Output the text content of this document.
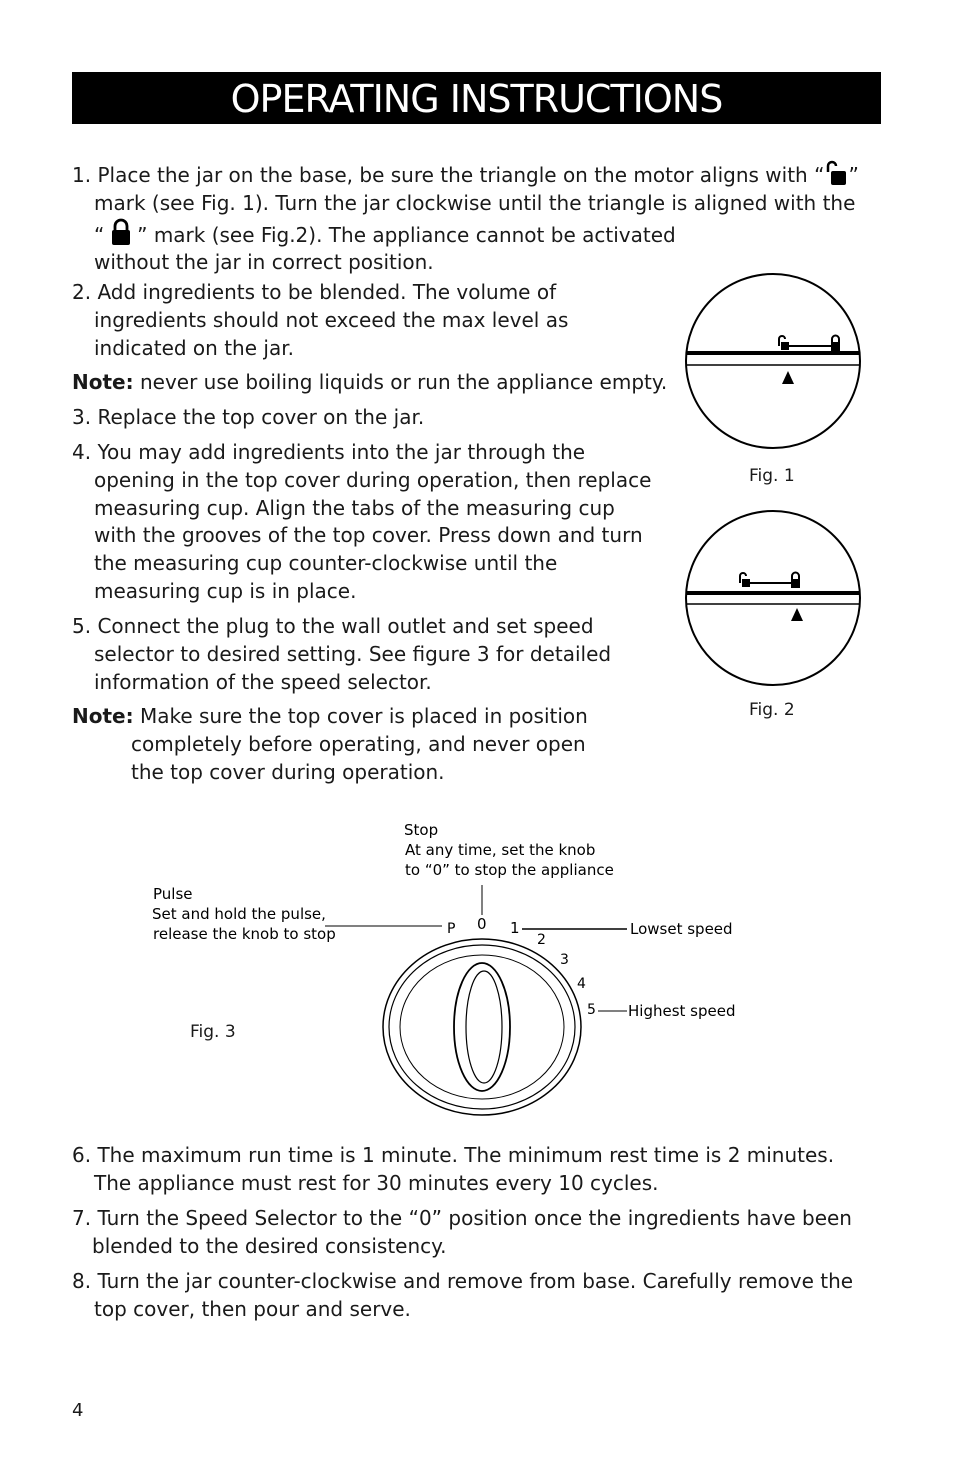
OPERATING INSTRUCTIONS
1. Place the jar on the base, be sure the triangle on the motor aligns with “ ”
mark (see Fig. 1). Turn the jar clockwise until the triangle is aligned with the
“ ” mark (see Fig.2). The appliance cannot be activated
without the jar in correct position.
2. Add ingredients to be blended. The volume of
ingredients should not exceed the max level as
indicated on the jar.
Note: never use boiling liquids or run the appliance empty.
3. Replace the top cover on the jar.
4. You may add ingredients into the jar through the
opening in the top cover during operation, then replace
measuring cup. Align the tabs of the measuring cup
with the grooves of the top cover. Press down and turn
the measuring cup counter-clockwise until the
measuring cup is in place.
5. Connect the plug to the wall outlet and set speed
selector to desired setting. See figure 3 for detailed
information of the speed selector.
Note: Make sure the top cover is placed in position
completely before operating, and never open
the top cover during operation.
Fig. 1
Fig. 2
Stop
At any time, set the knob
to “0” to stop the appliance
Pulse
Set and hold the pulse,
release the knob to stop	P 0 1
2
3
4
5
Lowset speed
Highest speed
Fig. 3
6. The maximum run time is 1 minute. The minimum rest time is 2 minutes.
The appliance must rest for 30 minutes every 10 cycles.
7. Turn the Speed Selector to the “0” position once the ingredients have been
blended to the desired consistency.
8. Turn the jar counter-clockwise and remove from base. Carefully remove the
top cover, then pour and serve.
4
